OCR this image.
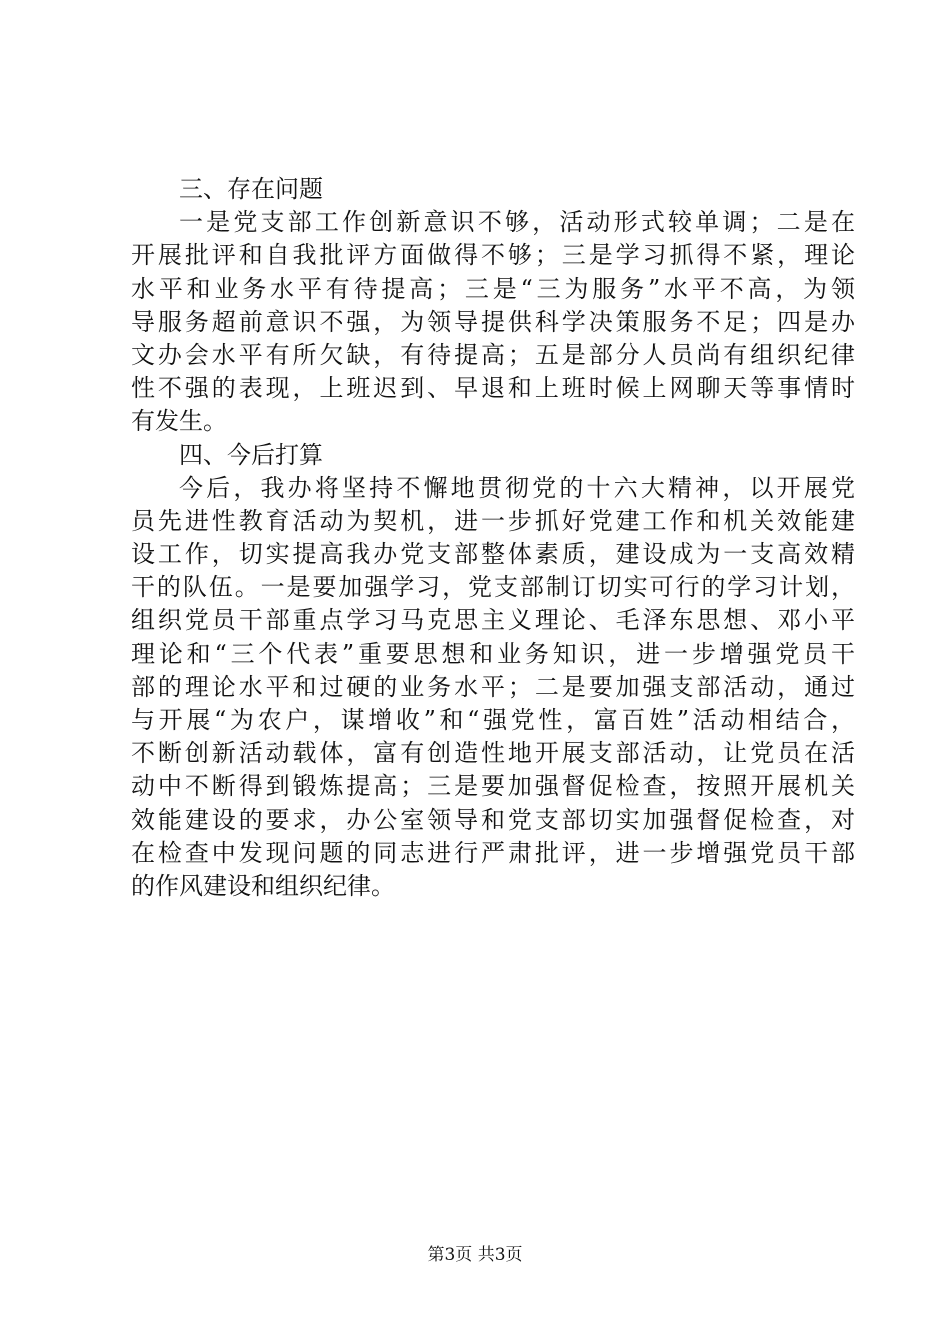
三、存在问题
一是党支部工作创新意识不够，活动形式较单调；二是在
开展批评和自我批评方面做得不够；三是学习抓得不紧，理论
水平和业务水平有待提高；三是“三为服务”水平不高，为领
导服务超前意识不强，为领导提供科学决策服务不足；四是办
文办会水平有所欠缺，有待提高；五是部分人员尚有组织纪律
性不强的表现，上班迟到、早退和上班时候上网聊天等事情时
有发生。
四、今后打算
今后，我办将坚持不懈地贯彻党的十六大精神，以开展党
员先进性教育活动为契机，进一步抓好党建工作和机关效能建
设工作，切实提高我办党支部整体素质，建设成为一支高效精
干的队伍。一是要加强学习，党支部制订切实可行的学习计划，
组织党员干部重点学习马克思主义理论、毛泽东思想、邓小平
理论和“三个代表”重要思想和业务知识，进一步增强党员干
部的理论水平和过硬的业务水平；二是要加强支部活动，通过
与开展“为农户，谋增收”和“强党性，富百姓”活动相结合，
不断创新活动载体，富有创造性地开展支部活动，让党员在活
动中不断得到锻炼提高；三是要加强督促检查，按照开展机关
效能建设的要求，办公室领导和党支部切实加强督促检查，对
在检查中发现问题的同志进行严肃批评，进一步增强党员干部
的作风建设和组织纪律。
第3页 共3页
